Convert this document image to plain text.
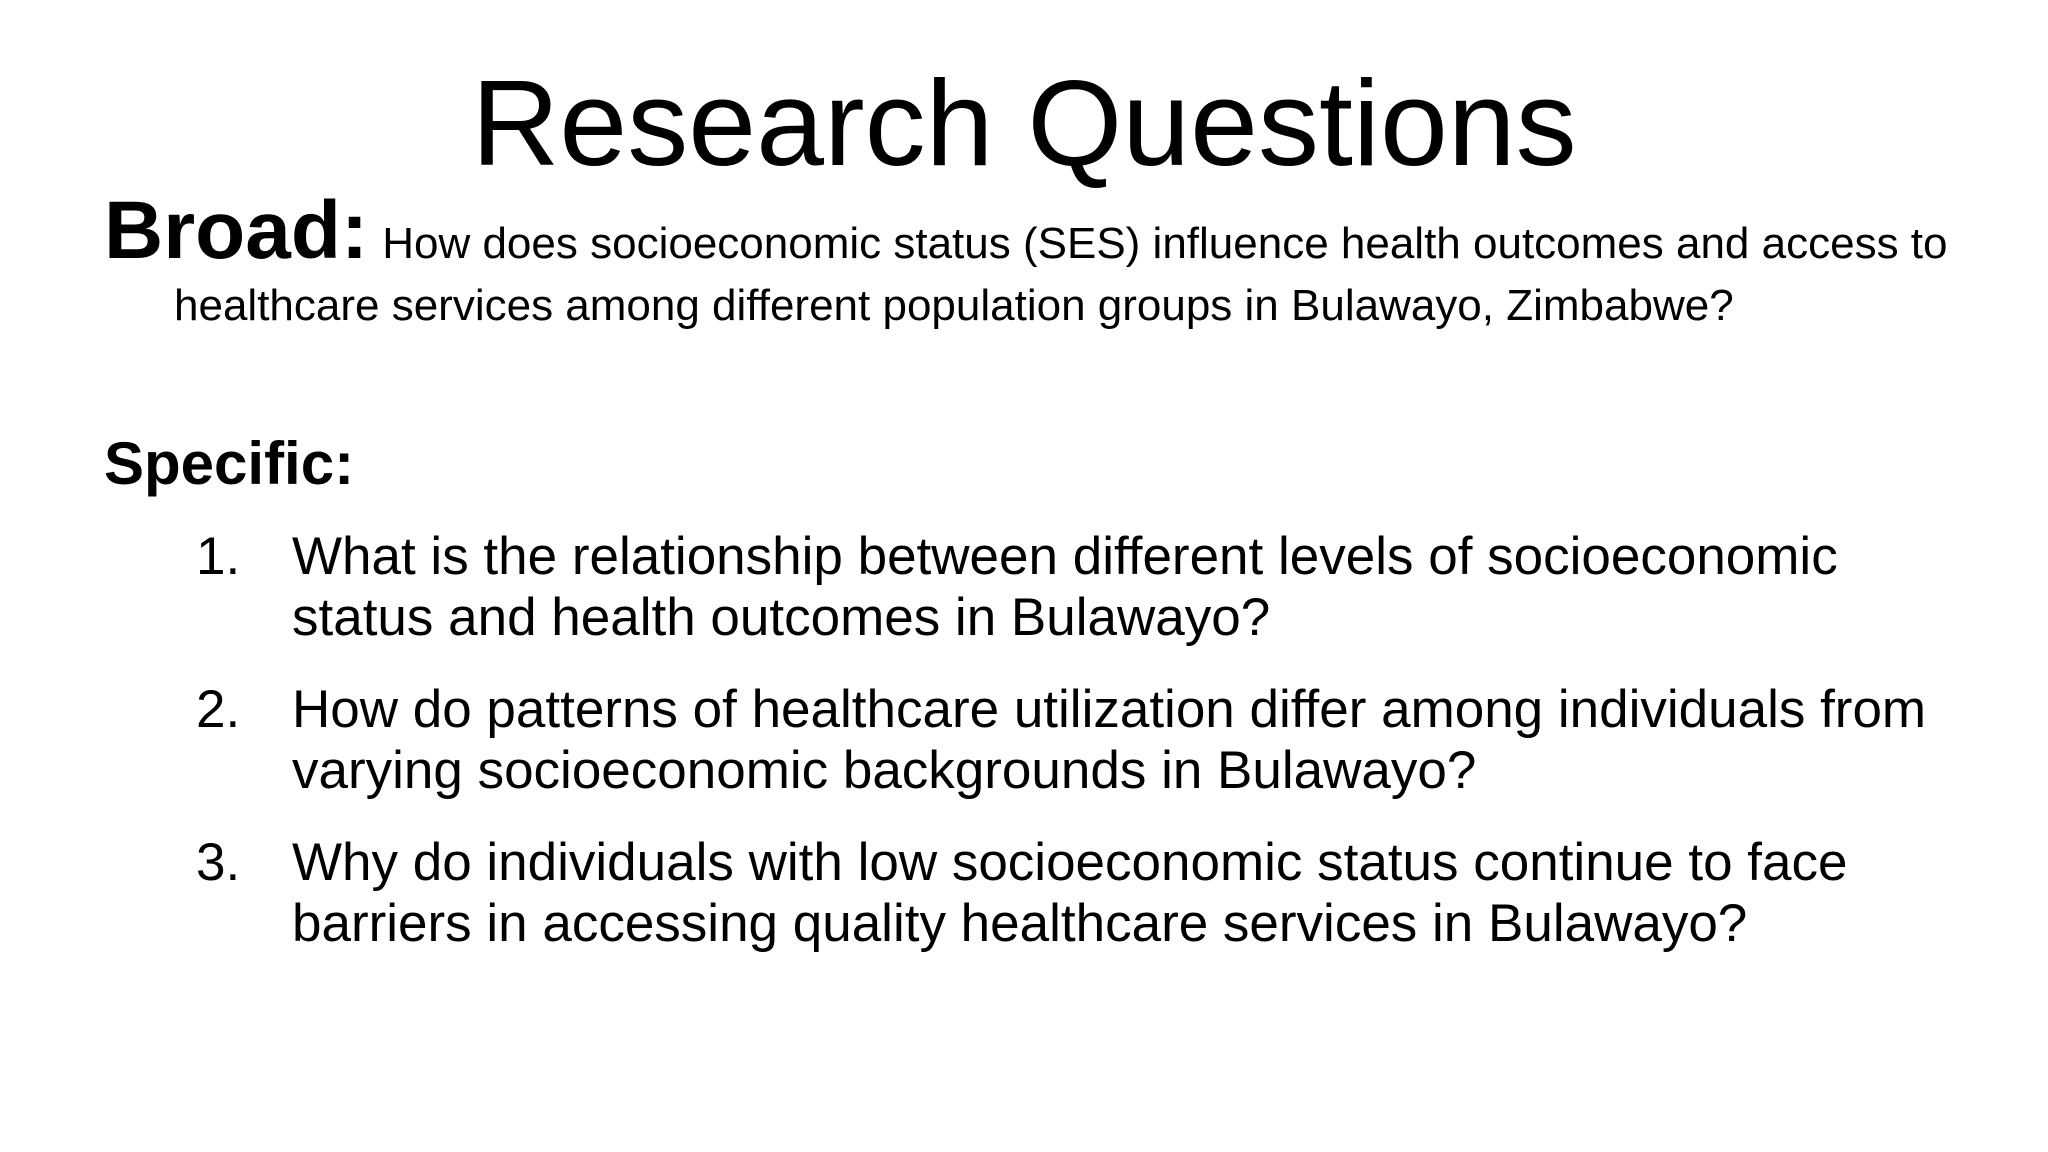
Research Questions

Broad: How does socioeconomic status (SES) influence health outcomes and access to healthcare services among different population groups in Bulawayo, Zimbabwe?

Specific:

1. What is the relationship between different levels of socioeconomic status and health outcomes in Bulawayo?
2. How do patterns of healthcare utilization differ among individuals from varying socioeconomic backgrounds in Bulawayo?
3. Why do individuals with low socioeconomic status continue to face barriers in accessing quality healthcare services in Bulawayo?
